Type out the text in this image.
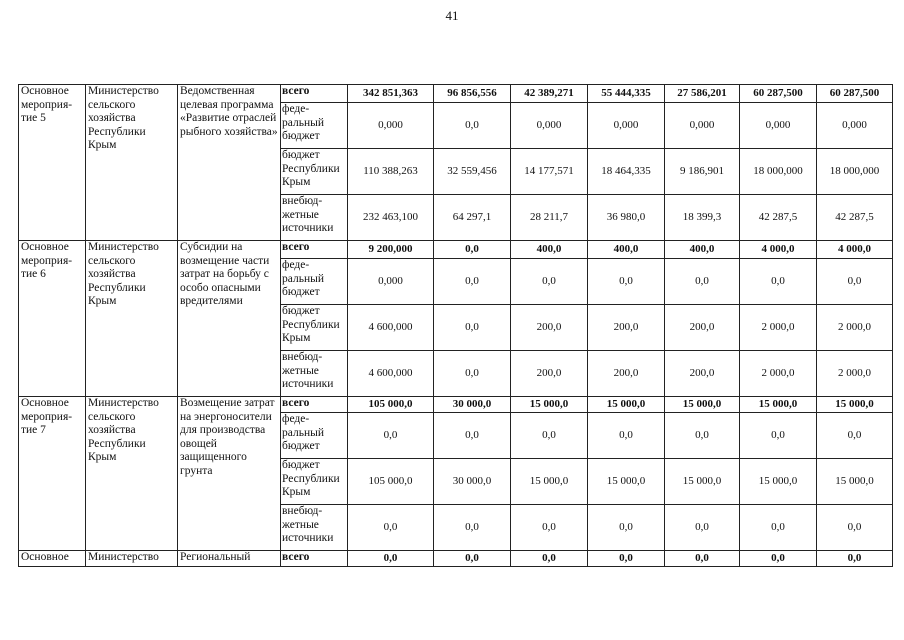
41
Основное мероприя-тие 5	Министерство сельского хозяйства Республики Крым	Ведомственная целевая программа «Развитие отраслей рыбного хозяйства»	всего	342 851,363	96 856,556	42 389,271	55 444,335	27 586,201	60 287,500	60 287,500
			феде-ральный бюджет	0,000	0,0	0,000	0,000	0,000	0,000	0,000
			бюджет Республики Крым	110 388,263	32 559,456	14 177,571	18 464,335	9 186,901	18 000,000	18 000,000
			внебюд-жетные источники	232 463,100	64 297,1	28 211,7	36 980,0	18 399,3	42 287,5	42 287,5
Основное мероприя-тие 6	Министерство сельского хозяйства Республики Крым	Субсидии на возмещение части затрат на борьбу с особо опасными вредителями	всего	9 200,000	0,0	400,0	400,0	400,0	4 000,0	4 000,0
			феде-ральный бюджет	0,000	0,0	0,0	0,0	0,0	0,0	0,0
			бюджет Республики Крым	4 600,000	0,0	200,0	200,0	200,0	2 000,0	2 000,0
			внебюд-жетные источники	4 600,000	0,0	200,0	200,0	200,0	2 000,0	2 000,0
Основное мероприя-тие 7	Министерство сельского хозяйства Республики Крым	Возмещение затрат на энергоносители для производства овощей защищенного грунта	всего	105 000,0	30 000,0	15 000,0	15 000,0	15 000,0	15 000,0	15 000,0
			феде-ральный бюджет	0,0	0,0	0,0	0,0	0,0	0,0	0,0
			бюджет Республики Крым	105 000,0	30 000,0	15 000,0	15 000,0	15 000,0	15 000,0	15 000,0
			внебюд-жетные источники	0,0	0,0	0,0	0,0	0,0	0,0	0,0
Основное	Министерство	Региональный	всего	0,0	0,0	0,0	0,0	0,0	0,0	0,0
